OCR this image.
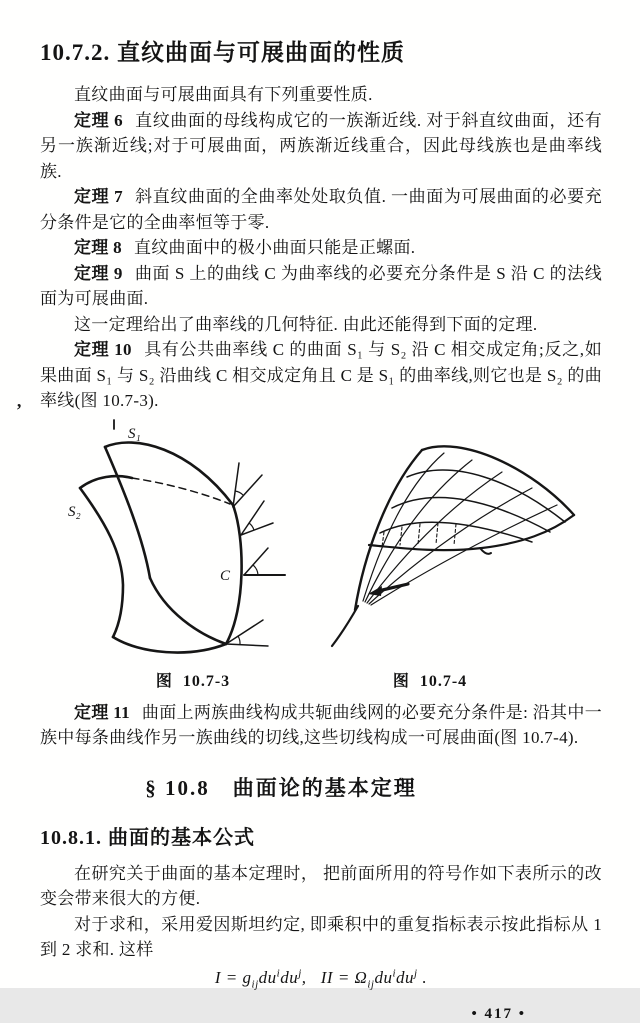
ʼ
10.7.2. 直纹曲面与可展曲面的性质

直纹曲面与可展曲面具有下列重要性质.

定理 6 直纹曲面的母线构成它的一族渐近线. 对于斜直纹曲面，还有另一族渐近线;对于可展曲面，两族渐近线重合，因此母线族也是曲率线族.

定理 7 斜直纹曲面的全曲率处处取负值. 一曲面为可展曲面的必要充分条件是它的全曲率恒等于零.

定理 8 直纹曲面中的极小曲面只能是正螺面.

定理 9 曲面 S 上的曲线 C 为曲率线的必要充分条件是 S 沿 C 的法线面为可展曲面.

这一定理给出了曲率线的几何特征. 由此还能得到下面的定理.

定理 10 具有公共曲率线 C 的曲面 S₁ 与 S₂ 沿 C 相交成定角;反之,如果曲面 S₁ 与 S₂ 沿曲线 C 相交成定角且 C 是 S₁ 的曲率线,则它也是 S₂ 的曲率线(图 10.7-3).

S₁
S₂
C
图  10.7-3	图  10.7-4

定理 11 曲面上两族曲线构成共轭曲线网的必要充分条件是: 沿其中一族中每条曲线作另一族曲线的切线,这些切线构成一可展曲面(图 10.7-4).

§ 10.8　曲面论的基本定理
10.8.1. 曲面的基本公式

在研究关于曲面的基本定理时， 把前面所用的符号作如下表所示的改变会带来很大的方便.

对于求和，采用爱因斯坦约定, 即乘积中的重复指标表示按此指标从 1 到 2 求和. 这样

$I = g_{ij}du^idu^j$,   II = $\Omega_{ij}du^idu^j$ .
• 417 •
